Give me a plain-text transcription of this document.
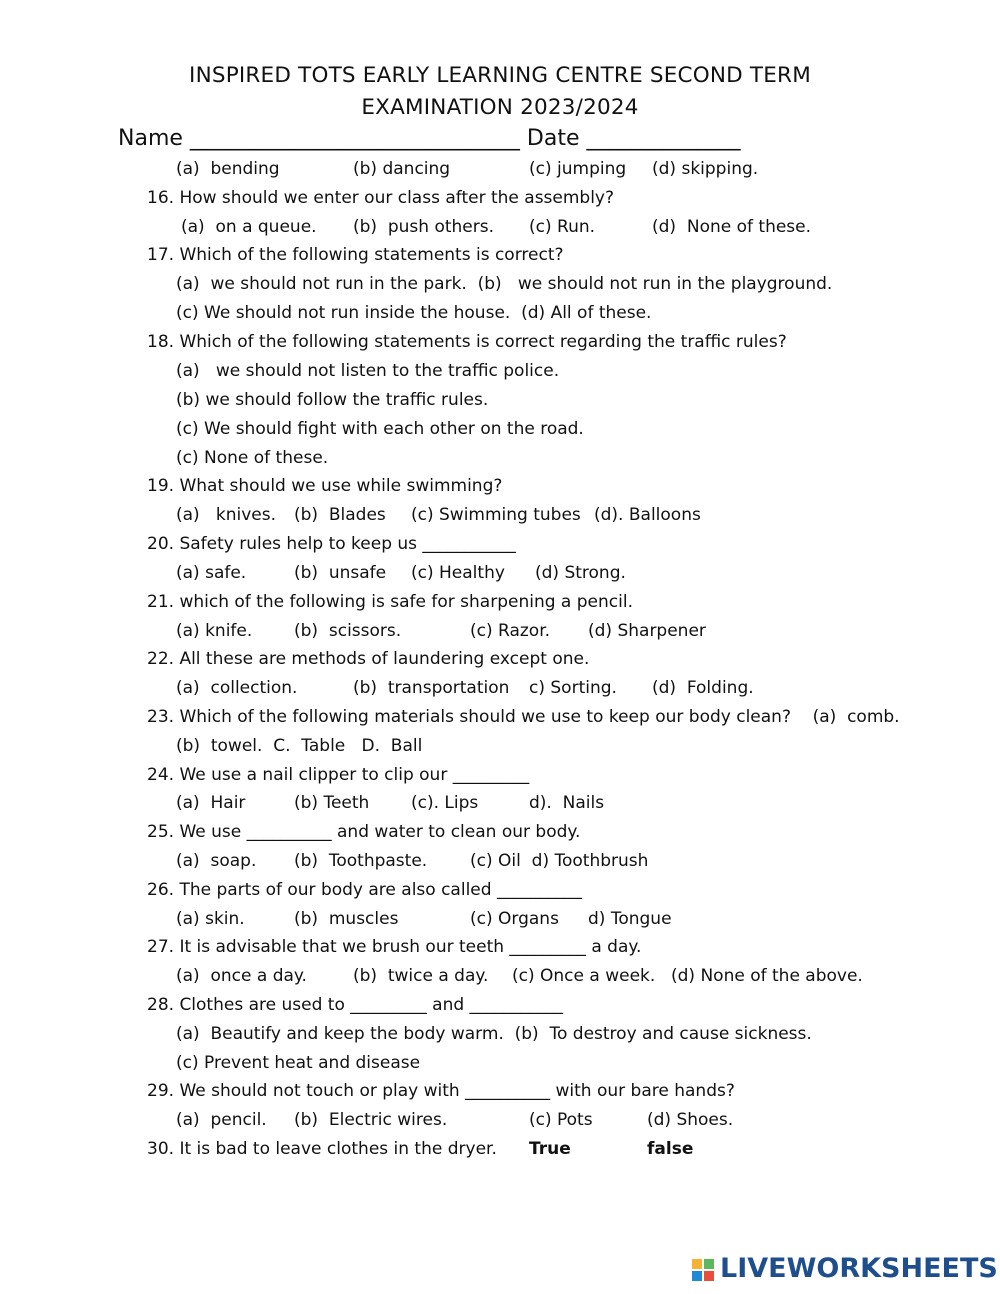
INSPIRED TOTS EARLY LEARNING CENTRE SECOND TERM
EXAMINATION 2023/2024
Name ______________________________ Date ______________
(a)  bending	(b) dancing	(c) jumping (d) skipping.
16. How should we enter our class after the assembly?
(a)  on a queue. (b)  push others. (c) Run.	(d)  None of these.
17. Which of the following statements is correct?
(a)  we should not run in the park.  (b)   we should not run in the playground.
(c) We should not run inside the house.  (d) All of these.
18. Which of the following statements is correct regarding the traffic rules?
(a)   we should not listen to the traffic police.
(b) we should follow the traffic rules.
(c) We should fight with each other on the road.
(c) None of these.
19. What should we use while swimming?
(a)   knives. (b)  Blades (c) Swimming tubes (d). Balloons
20. Safety rules help to keep us ___________
(a) safe.	(b)  unsafe (c) Healthy (d) Strong.
21. which of the following is safe for sharpening a pencil.
(a) knife. (b)  scissors.	(c) Razor. (d) Sharpener
22. All these are methods of laundering except one.
(a)  collection.	(b)  transportation c) Sorting. (d)  Folding.
23. Which of the following materials should we use to keep our body clean?    (a)  comb.
(b)  towel.  C.  Table   D.  Ball
24. We use a nail clipper to clip our _________
(a)  Hair	(b) Teeth (c). Lips	d).  Nails
25. We use __________ and water to clean our body.
(a)  soap. (b)  Toothpaste.	(c) Oil  d) Toothbrush
26. The parts of our body are also called __________
(a) skin.	(b)  muscles	(c) Organs d) Tongue
27. It is advisable that we brush our teeth _________ a day.
(a)  once a day.	(b)  twice a day. (c) Once a week. (d) None of the above.
28. Clothes are used to _________ and ___________
(a)  Beautify and keep the body warm.  (b)  To destroy and cause sickness.
(c) Prevent heat and disease
29. We should not touch or play with __________ with our bare hands?
(a)  pencil. (b)  Electric wires.	(c) Pots	(d) Shoes.
30. It is bad to leave clothes in the dryer. True	false
LIVEWORKSHEETS
